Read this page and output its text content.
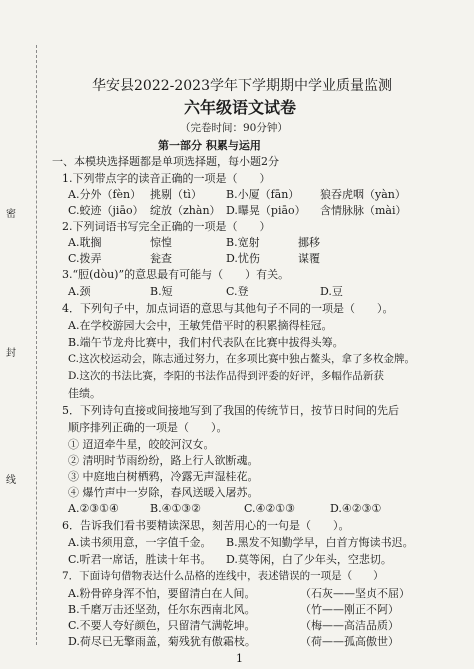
密
封
线
华安县2022-2023学年下学期期中学业质量监测
六年级语文试卷
（完卷时间：90分钟）
第一部分 积累与运用
一、本模块选择题都是单项选择题，每小题2分
1.下列带点字的读音正确的一项是（　　）
A.分外（fèn） 挑剔（tì） B.小厦（fān） 狼吞虎咽（yàn）
C.蛟迹（jiāo） 绽放（zhàn） D.曝晃（piāo） 含情脉脉（mài）
2.下列词语书写完全正确的一项是（　　）
A.耽搁	惊惶	B.宽射	挪移
C.拨弄	瓮查	D.忧伤	谋覆
3.“脰(dòu)”的意思最有可能与（　　）有关。
A.颈	B.短	C.登	D.豆
4．下列句子中，加点词语的意思与其他句子不同的一项是（　　）。
A.在学校游园大会中，王敏凭借平时的积累摘得桂冠。
B.端午节龙舟比赛中，我们村代表队在比赛中拔得头筹。
C.这次校运动会，陈志通过努力，在多项比赛中独占鳌头，拿了多枚金牌。
D.这次的书法比赛，李阳的书法作品得到评委的好评，多幅作品新获
佳绩。
5．下列诗句直接或间接地写到了我国的传统节日，按节日时间的先后
顺序排列正确的一项是（　　）。
① 迢迢牵牛星，皎皎河汉女。
② 清明时节雨纷纷，路上行人欲断魂。
③ 中庭地白树栖鸦，冷露无声湿桂花。
④ 爆竹声中一岁除，春风送暖入屠苏。
A.②③①④	B.④①③②	C.④②①③	D.④②③①
6．告诉我们看书要精读深思，刻苦用心的一句是（　　）。
A.读书须用意，一字值千金。 B.黑发不知勤学早，白首方悔读书迟。
C.听君一席话，胜读十年书。 D.莫等闲，白了少年头，空悲切。
7．下面诗句借物表达什么品格的连线中，表述错误的一项是（　　）
A.粉骨碎身浑不怕，要留清白在人间。	（石灰——坚贞不屈）
B.千磨万击还坚劲，任尔东西南北风。	（竹——刚正不阿）
C.不要人夸好颜色，只留清气满乾坤。	（梅——高洁品质）
D.荷尽已无擎雨盖，菊残犹有傲霜枝。	（荷——孤高傲世）
1
